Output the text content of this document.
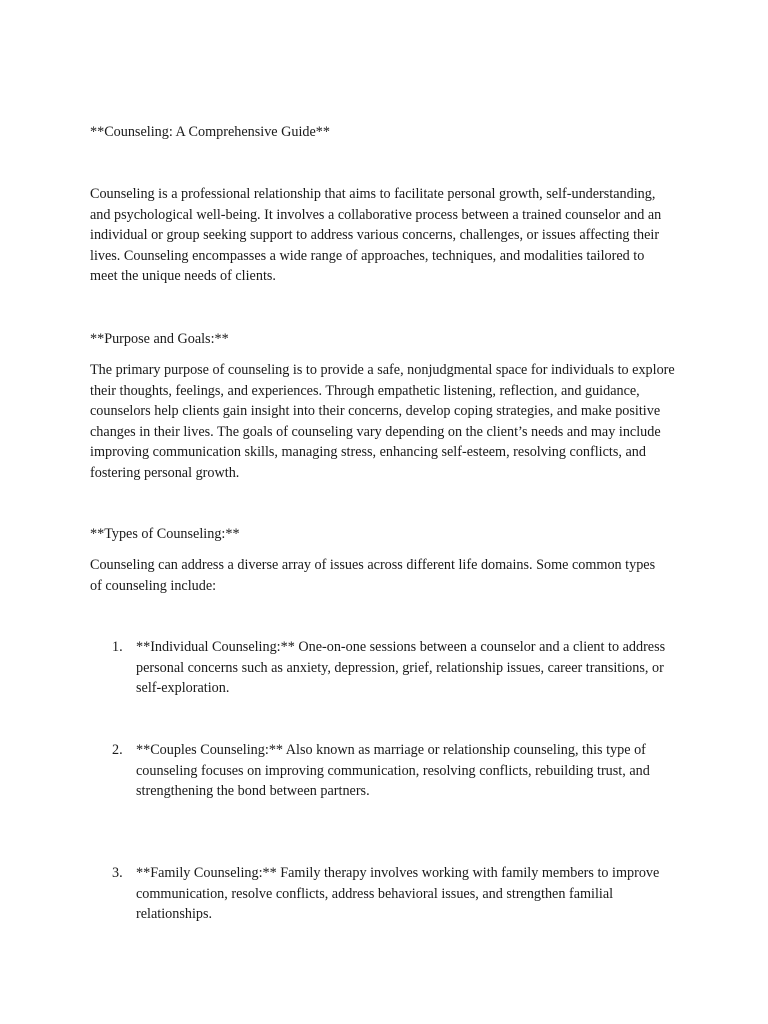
**Counseling: A Comprehensive Guide**

Counseling is a professional relationship that aims to facilitate personal growth, self-understanding, and psychological well-being. It involves a collaborative process between a trained counselor and an individual or group seeking support to address various concerns, challenges, or issues affecting their lives. Counseling encompasses a wide range of approaches, techniques, and modalities tailored to meet the unique needs of clients.

**Purpose and Goals:**

The primary purpose of counseling is to provide a safe, nonjudgmental space for individuals to explore their thoughts, feelings, and experiences. Through empathetic listening, reflection, and guidance, counselors help clients gain insight into their concerns, develop coping strategies, and make positive changes in their lives. The goals of counseling vary depending on the client’s needs and may include improving communication skills, managing stress, enhancing self-esteem, resolving conflicts, and fostering personal growth.

**Types of Counseling:**

Counseling can address a diverse array of issues across different life domains. Some common types of counseling include:

1. **Individual Counseling:** One-on-one sessions between a counselor and a client to address personal concerns such as anxiety, depression, grief, relationship issues, career transitions, or self-exploration.
2. **Couples Counseling:** Also known as marriage or relationship counseling, this type of counseling focuses on improving communication, resolving conflicts, rebuilding trust, and strengthening the bond between partners.
3. **Family Counseling:** Family therapy involves working with family members to improve communication, resolve conflicts, address behavioral issues, and strengthen familial relationships.
